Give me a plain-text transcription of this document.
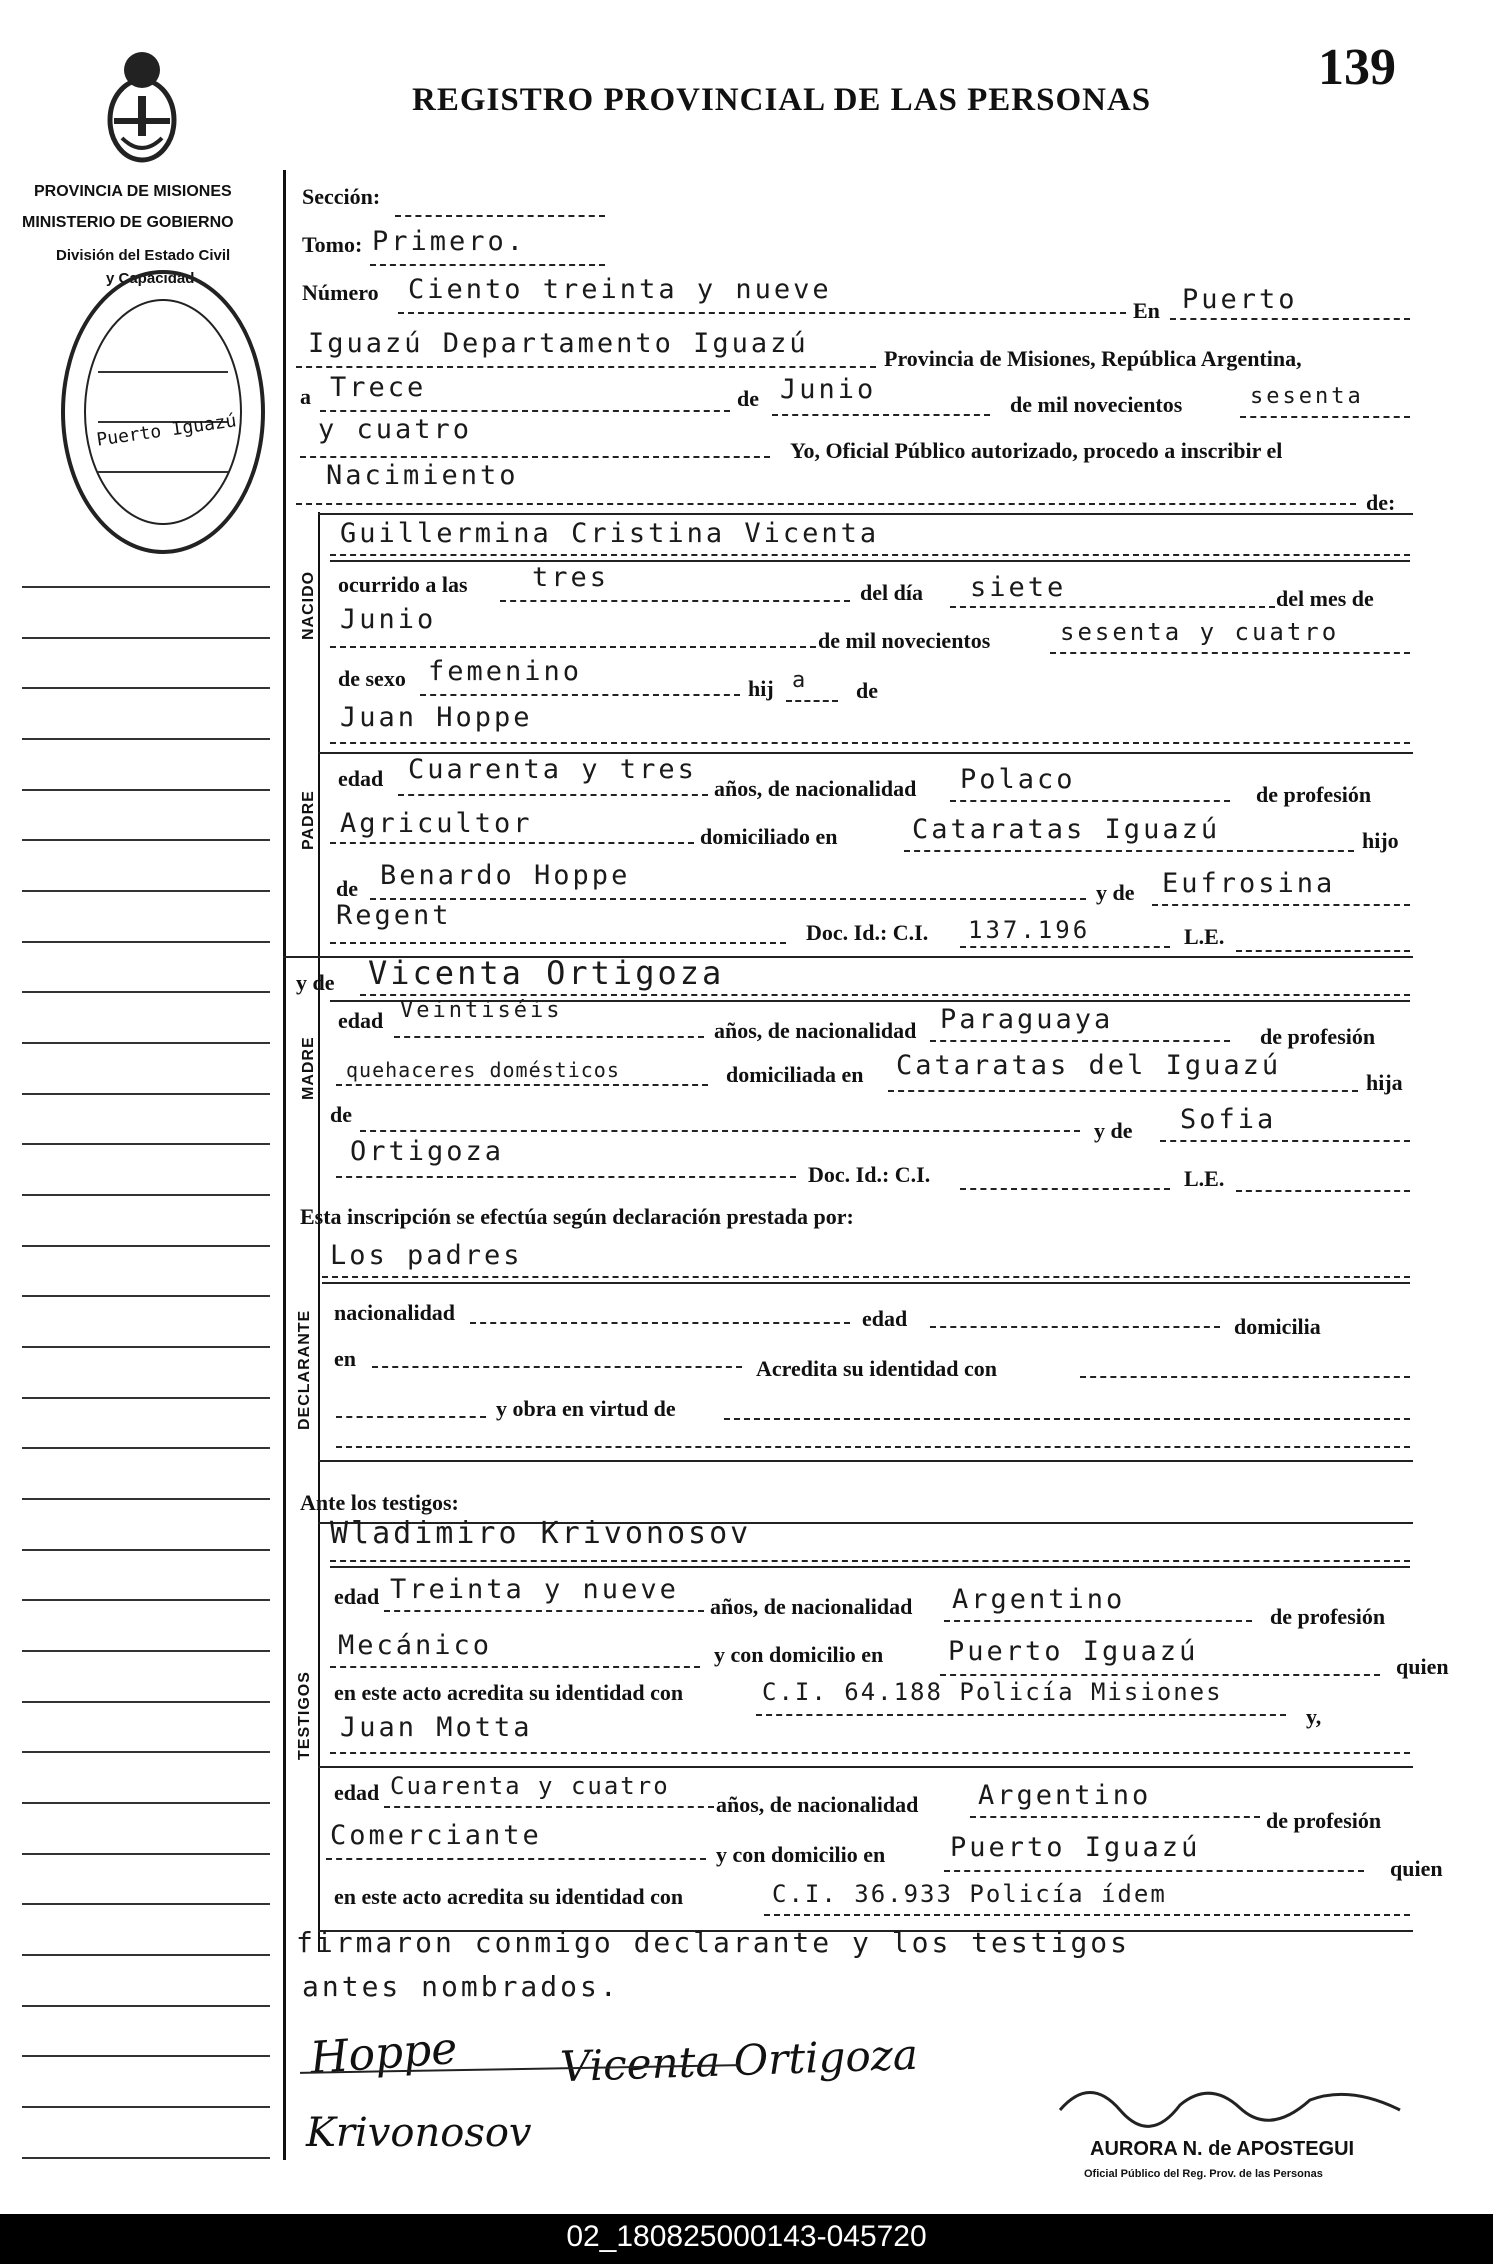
REGISTRO PROVINCIAL DE LAS PERSONAS
139
PROVINCIA DE MISIONES
MINISTERIO DE GOBIERNO
División del Estado Civil
y Capacidad
Puerto Iguazú
Sección:
Tomo: Primero.
Número Ciento treinta y nueve
En Puerto
Iguazú Departamento Iguazú	Provincia de Misiones, República Argentina,
a Trece	de Junio	de mil novecientos	sesenta
y cuatro
Yo, Oficial Público autorizado, procedo a inscribir el
Nacimiento
de:
NACIDO
Guillermina Cristina Vicenta
ocurrido a las tres	del día siete	del mes de
Junio
de mil novecientos	sesenta y cuatro
de sexo femenino
hij a de
Juan Hoppe
PADRE
edad Cuarenta y tres
años, de nacionalidad Polaco	de profesión
Agricultor	domiciliado en	Cataratas Iguazú	hijo
de Benardo Hoppe
y de Eufrosina
Regent
Doc. Id.: C.I. 137.196	L.E.
y de Vicenta Ortigoza
MADRE
edad Veintiséis
años, de nacionalidad Paraguaya
de profesión
quehaceres domésticos	domiciliada en Cataratas del Iguazú
hija
de
y de Sofia
Ortigoza
Doc. Id.: C.I.	L.E.
Esta inscripción se efectúa según declaración prestada por:
Los padres
DECLARANTE nacionalidad	edad	domicilia
en	Acredita su identidad con
y obra en virtud de
Ante los testigos:
TESTIGOS
Wladimiro Krivonosov
edad Treinta y nueve
años, de nacionalidad Argentino
de profesión
Mecánico	y con domicilio en Puerto Iguazú	quien
en este acto acredita su identidad con	C.I. 64.188 Policía Misiones
y,
Juan Motta
edad Cuarenta y cuatro
años, de nacionalidad Argentino
de profesión
Comerciante
y con domicilio en Puerto Iguazú
quien
en este acto acredita su identidad con	C.I. 36.933 Policía ídem
firmaron conmigo declarante y los testigos
antes nombrados.
Hoppe Vicenta Ortigoza
Krivonosov	AURORA N. de APOSTEGUI
Oficial Público del Reg. Prov. de las Personas
02_180825000143-045720
